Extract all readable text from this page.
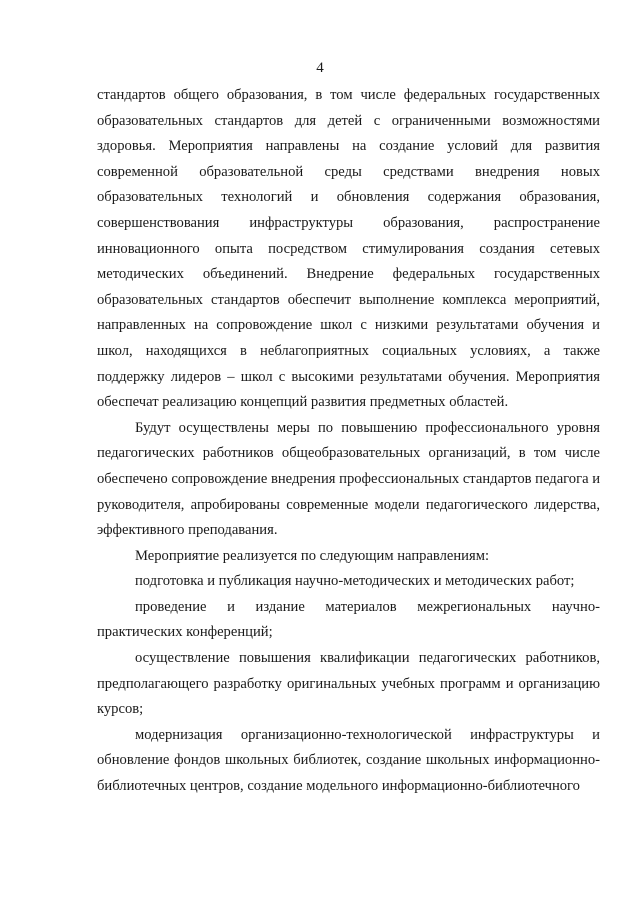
4

стандартов общего образования, в том числе федеральных государственных образовательных стандартов для детей с ограниченными возможностями здоровья. Мероприятия направлены на создание условий для развития современной образовательной среды средствами внедрения новых образовательных технологий и обновления содержания образования, совершенствования инфраструктуры образования, распространение инновационного опыта посредством стимулирования создания сетевых методических объединений. Внедрение федеральных государственных образовательных стандартов обеспечит выполнение комплекса мероприятий, направленных на сопровождение школ с низкими результатами обучения и школ, находящихся в неблагоприятных социальных условиях, а также поддержку лидеров – школ с высокими результатами обучения. Мероприятия обеспечат реализацию концепций развития предметных областей.

Будут осуществлены меры по повышению профессионального уровня педагогических работников общеобразовательных организаций, в том числе обеспечено сопровождение внедрения профессиональных стандартов педагога и руководителя, апробированы современные модели педагогического лидерства, эффективного преподавания.

Мероприятие реализуется по следующим направлениям:

подготовка и публикация научно-методических и методических работ;

проведение и издание материалов межрегиональных научно-практических конференций;

осуществление повышения квалификации педагогических работников, предполагающего разработку оригинальных учебных программ и организацию курсов;

модернизация организационно-технологической инфраструктуры и обновление фондов школьных библиотек, создание школьных информационно-библиотечных центров, создание модельного информационно-библиотечного
